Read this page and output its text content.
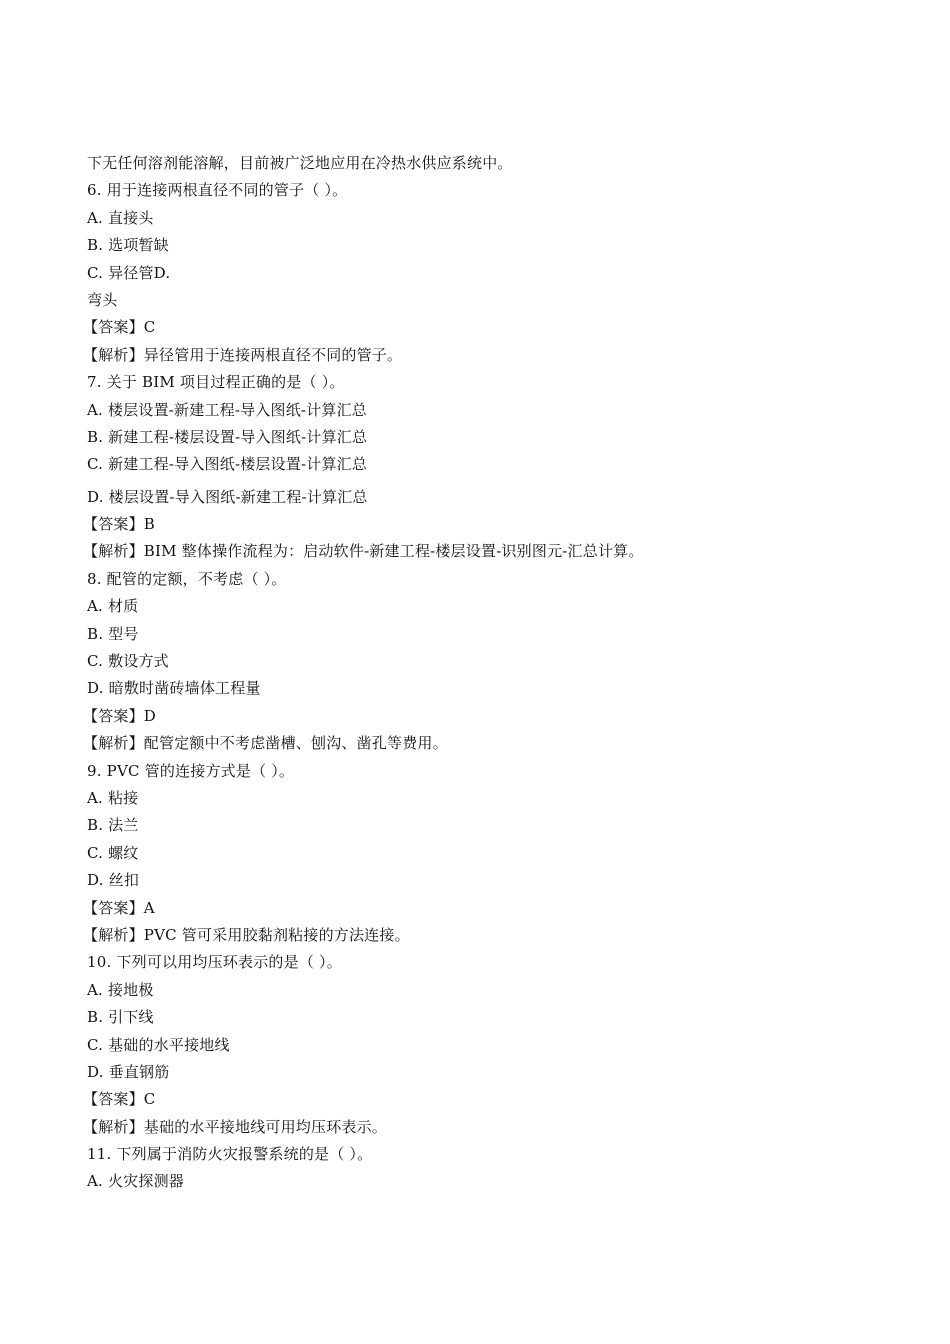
下无任何溶剂能溶解，目前被广泛地应用在冷热水供应系统中。
6. 用于连接两根直径不同的管子（ ）。
A. 直接头
B. 选项暂缺
C. 异径管D.
弯头
【答案】C
【解析】异径管用于连接两根直径不同的管子。
7. 关于 BIM 项目过程正确的是（ ）。
A. 楼层设置-新建工程-导入图纸-计算汇总
B. 新建工程-楼层设置-导入图纸-计算汇总
C. 新建工程-导入图纸-楼层设置-计算汇总
D. 楼层设置-导入图纸-新建工程-计算汇总
【答案】B
【解析】BIM 整体操作流程为：启动软件-新建工程-楼层设置-识别图元-汇总计算。
8. 配管的定额，不考虑（ ）。
A. 材质
B. 型号
C. 敷设方式
D. 暗敷时凿砖墙体工程量
【答案】D
【解析】配管定额中不考虑凿槽、刨沟、凿孔等费用。
9. PVC 管的连接方式是（ ）。
A. 粘接
B. 法兰
C. 螺纹
D. 丝扣
【答案】A
【解析】PVC 管可采用胶黏剂粘接的方法连接。
10. 下列可以用均压环表示的是（ ）。
A. 接地极
B. 引下线
C. 基础的水平接地线
D. 垂直钢筋
【答案】C
【解析】基础的水平接地线可用均压环表示。
11. 下列属于消防火灾报警系统的是（ ）。
A. 火灾探测器
